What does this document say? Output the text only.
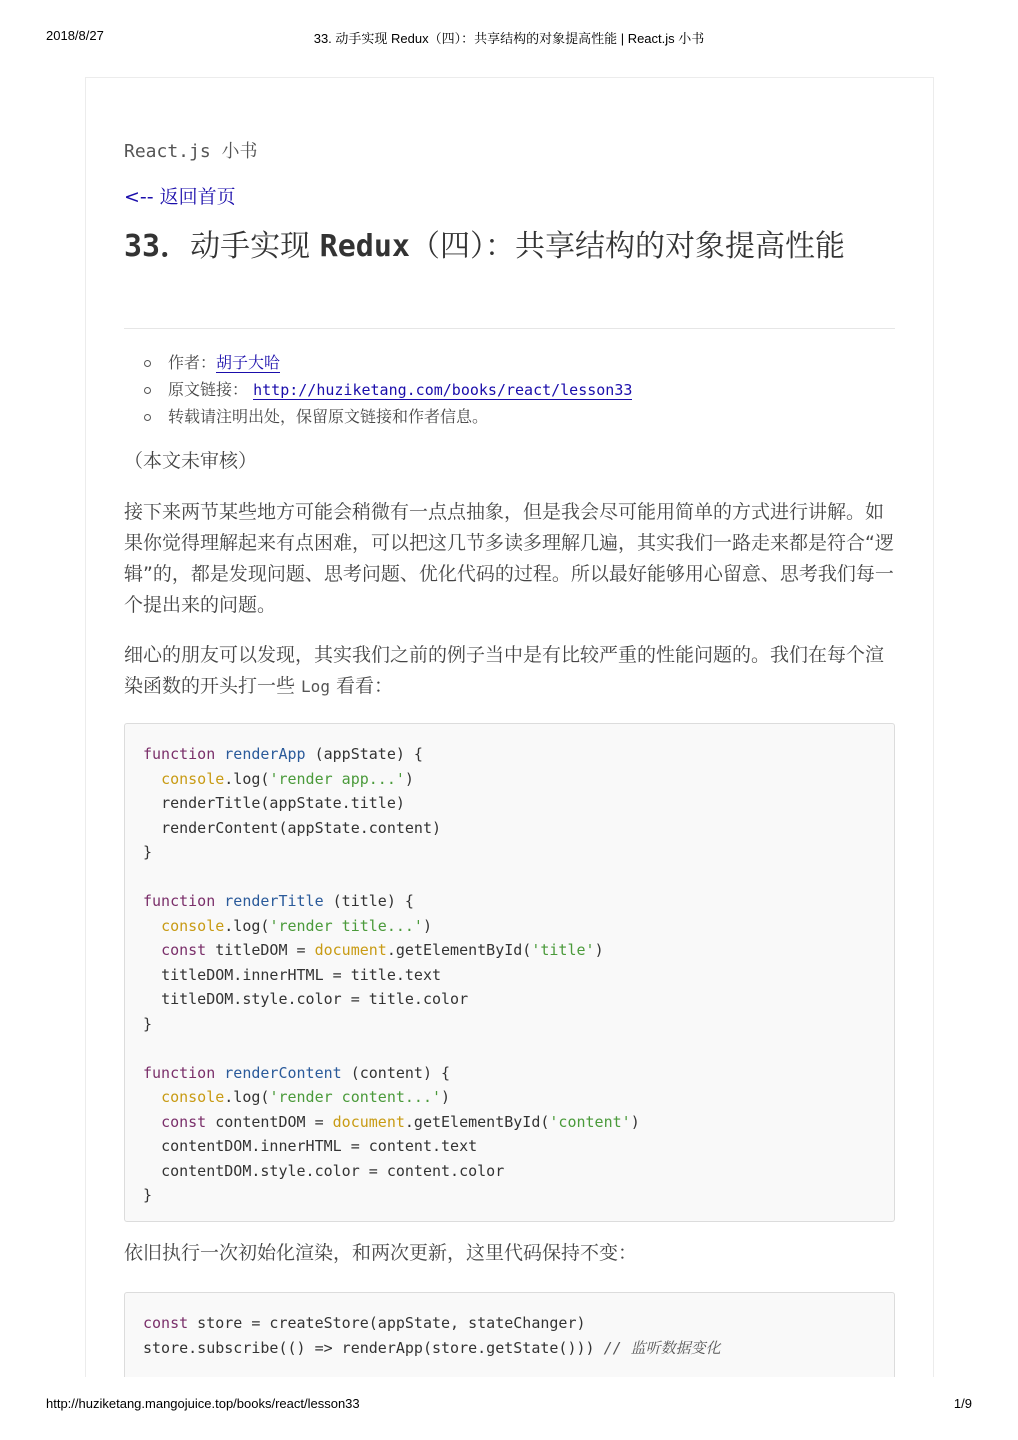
2018/8/27	33. 动手实现 Redux（四）：共享结构的对象提高性能 | React.js 小书
React.js 小书
<-- 返回首页
33．动手实现 Redux（四）：共享结构的对象提高性能
作者：胡子大哈
原文链接： http://huziketang.com/books/react/lesson33
转载请注明出处，保留原文链接和作者信息。

（本文未审核）

接下来两节某些地方可能会稍微有一点点抽象，但是我会尽可能用简单的方式进行讲解。如果你觉得理解起来有点困难，可以把这几节多读多理解几遍，其实我们一路走来都是符合“逻辑”的，都是发现问题、思考问题、优化代码的过程。所以最好能够用心留意、思考我们每一个提出来的问题。

细心的朋友可以发现，其实我们之前的例子当中是有比较严重的性能问题的。我们在每个渲染函数的开头打一些 Log 看看：

function renderApp (appState) {
console.log('render app...')
renderTitle(appState.title)
renderContent(appState.content)
}

function renderTitle (title) {
console.log('render title...')
const titleDOM = document.getElementById('title')
titleDOM.innerHTML = title.text
titleDOM.style.color = title.color
}

function renderContent (content) {
console.log('render content...')
const contentDOM = document.getElementById('content')
contentDOM.innerHTML = content.text
contentDOM.style.color = content.color
}

依旧执行一次初始化渲染，和两次更新，这里代码保持不变：

const store = createStore(appState, stateChanger)
store.subscribe(() => renderApp(store.getState())) // 监听数据变化
http://huziketang.mangojuice.top/books/react/lesson33	1/9
